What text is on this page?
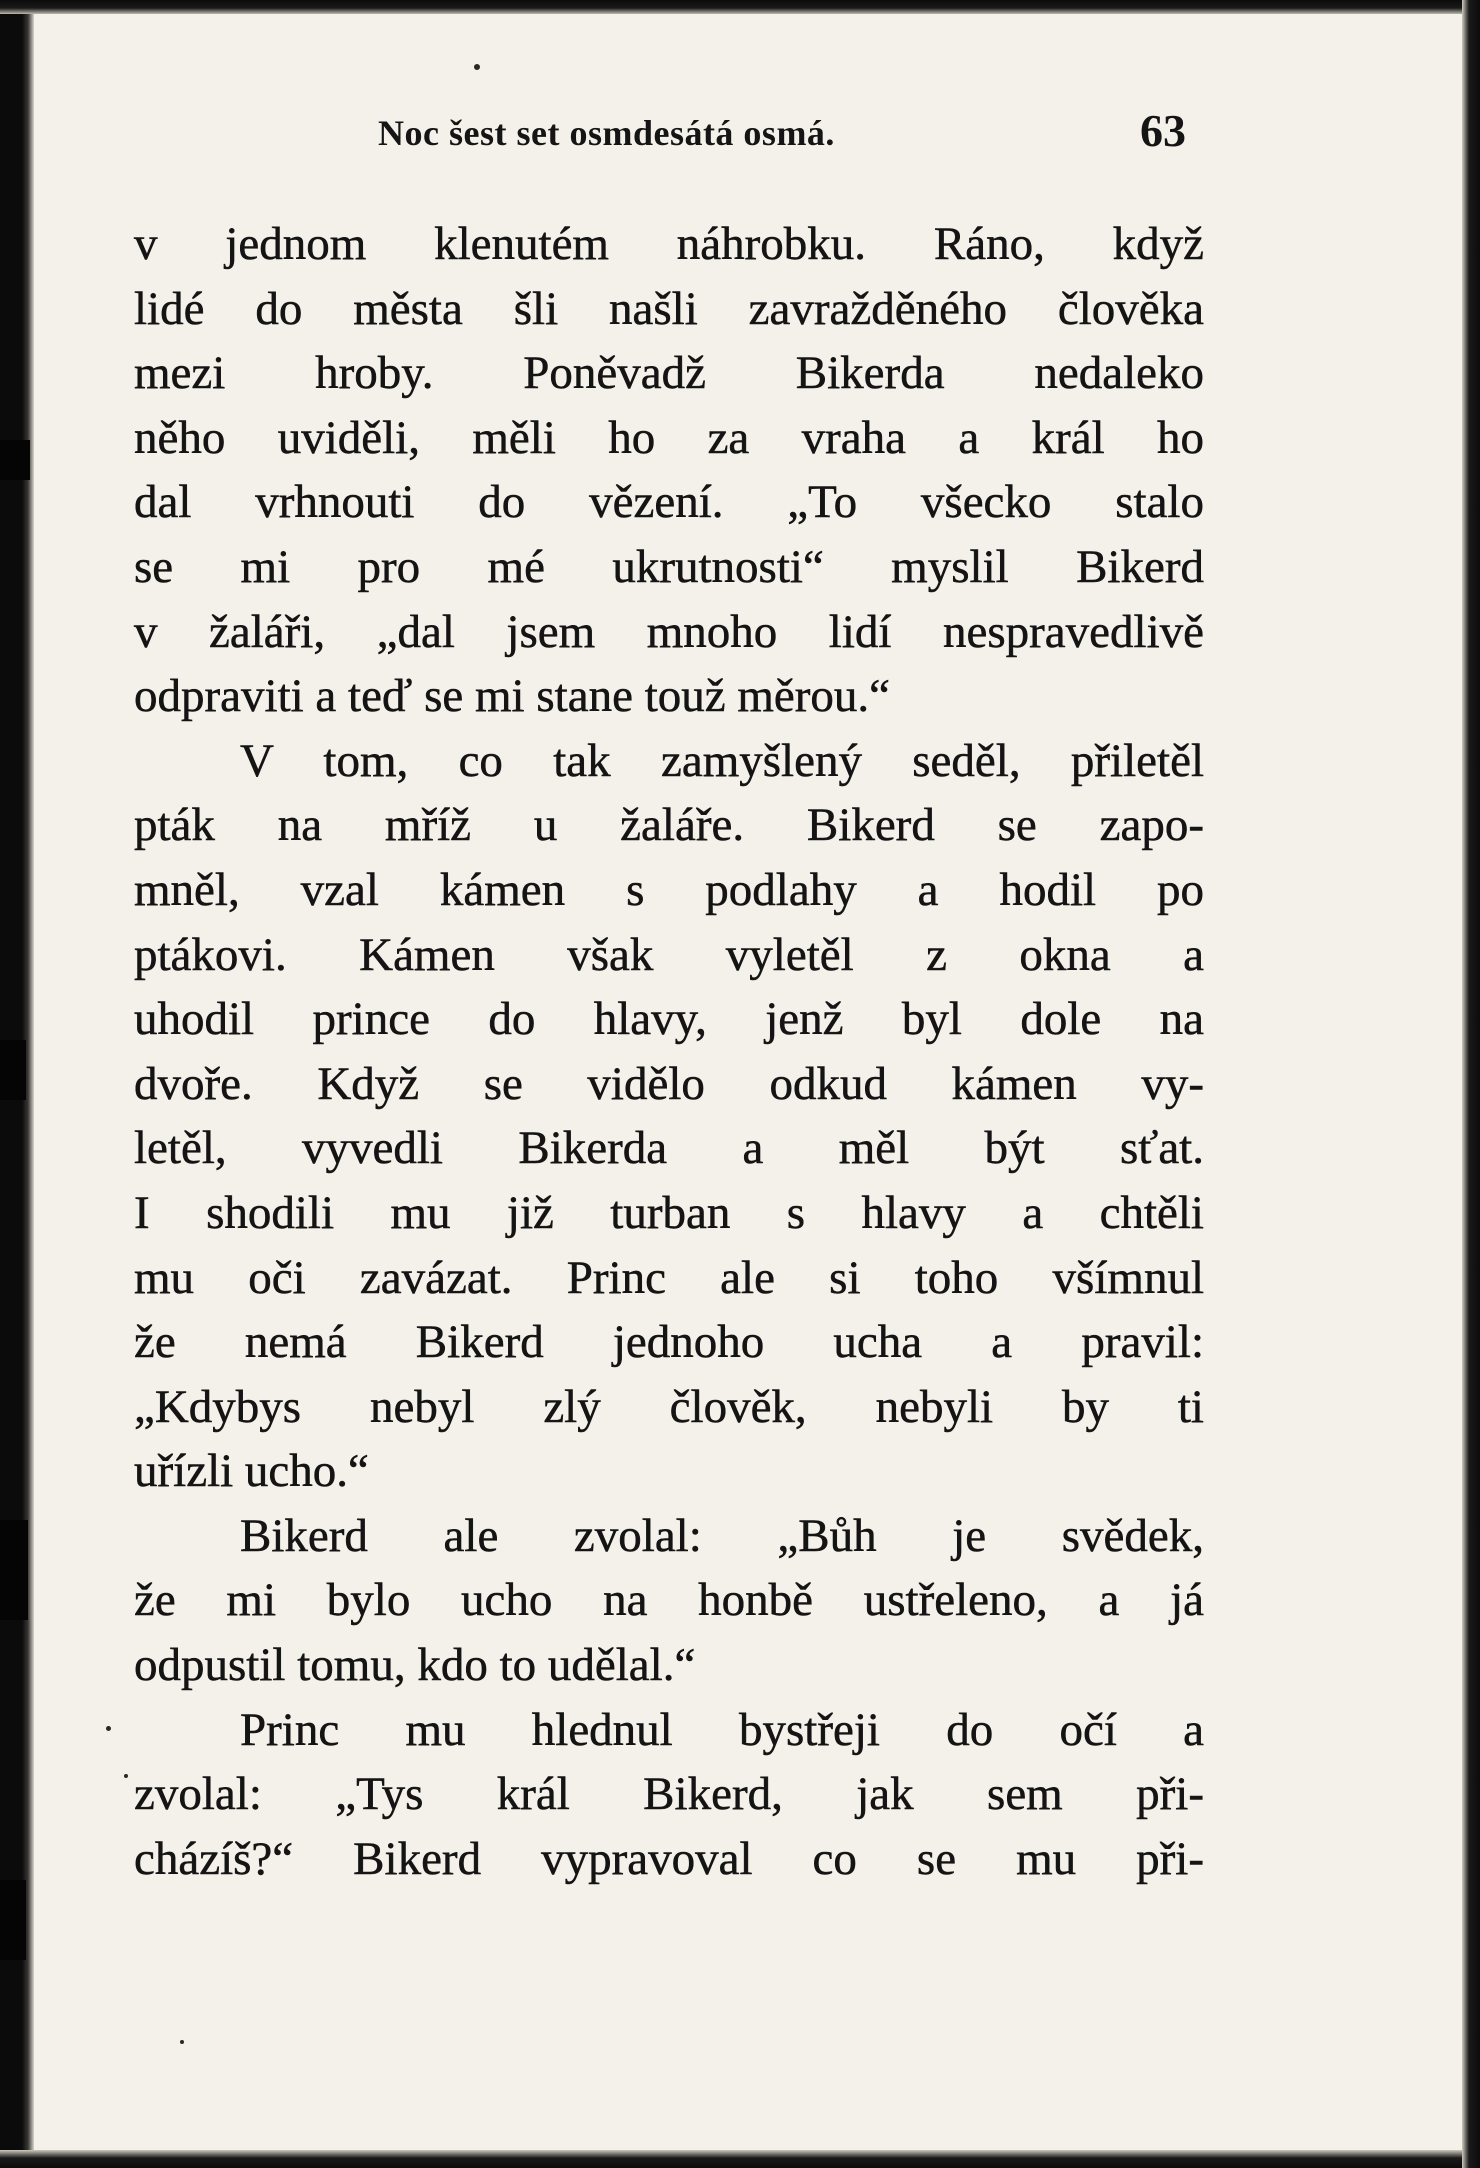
Noc šest set osmdesátá osmá.	63
v jednom klenutém náhrobku. Ráno, když
lidé do města šli našli zavražděného člověka
mezi hroby. Poněvadž Bikerda nedaleko
něho uviděli, měli ho za vraha a král ho
dal vrhnouti do vězení. „To všecko stalo
se mi pro mé ukrutnosti“ myslil Bikerd
v žaláři, „dal jsem mnoho lidí nespravedlivě
odpraviti a teď se mi stane touž měrou.“
V tom, co tak zamyšlený seděl, přiletěl
pták na mříž u žaláře. Bikerd se zapo-
mněl, vzal kámen s podlahy a hodil po
ptákovi. Kámen však vyletěl z okna a
uhodil prince do hlavy, jenž byl dole na
dvoře. Když se vidělo odkud kámen vy-
letěl, vyvedli Bikerda a měl být sťat.
I shodili mu již turban s hlavy a chtěli
mu oči zavázat. Princ ale si toho všímnul
že nemá Bikerd jednoho ucha a pravil:
„Kdybys nebyl zlý člověk, nebyli by ti
uřízli ucho.“
Bikerd ale zvolal: „Bůh je svědek,
že mi bylo ucho na honbě ustřeleno, a já
odpustil tomu, kdo to udělal.“
Princ mu hlednul bystřeji do očí a
zvolal: „Tys král Bikerd, jak sem při-
cházíš?“ Bikerd vypravoval co se mu při-
